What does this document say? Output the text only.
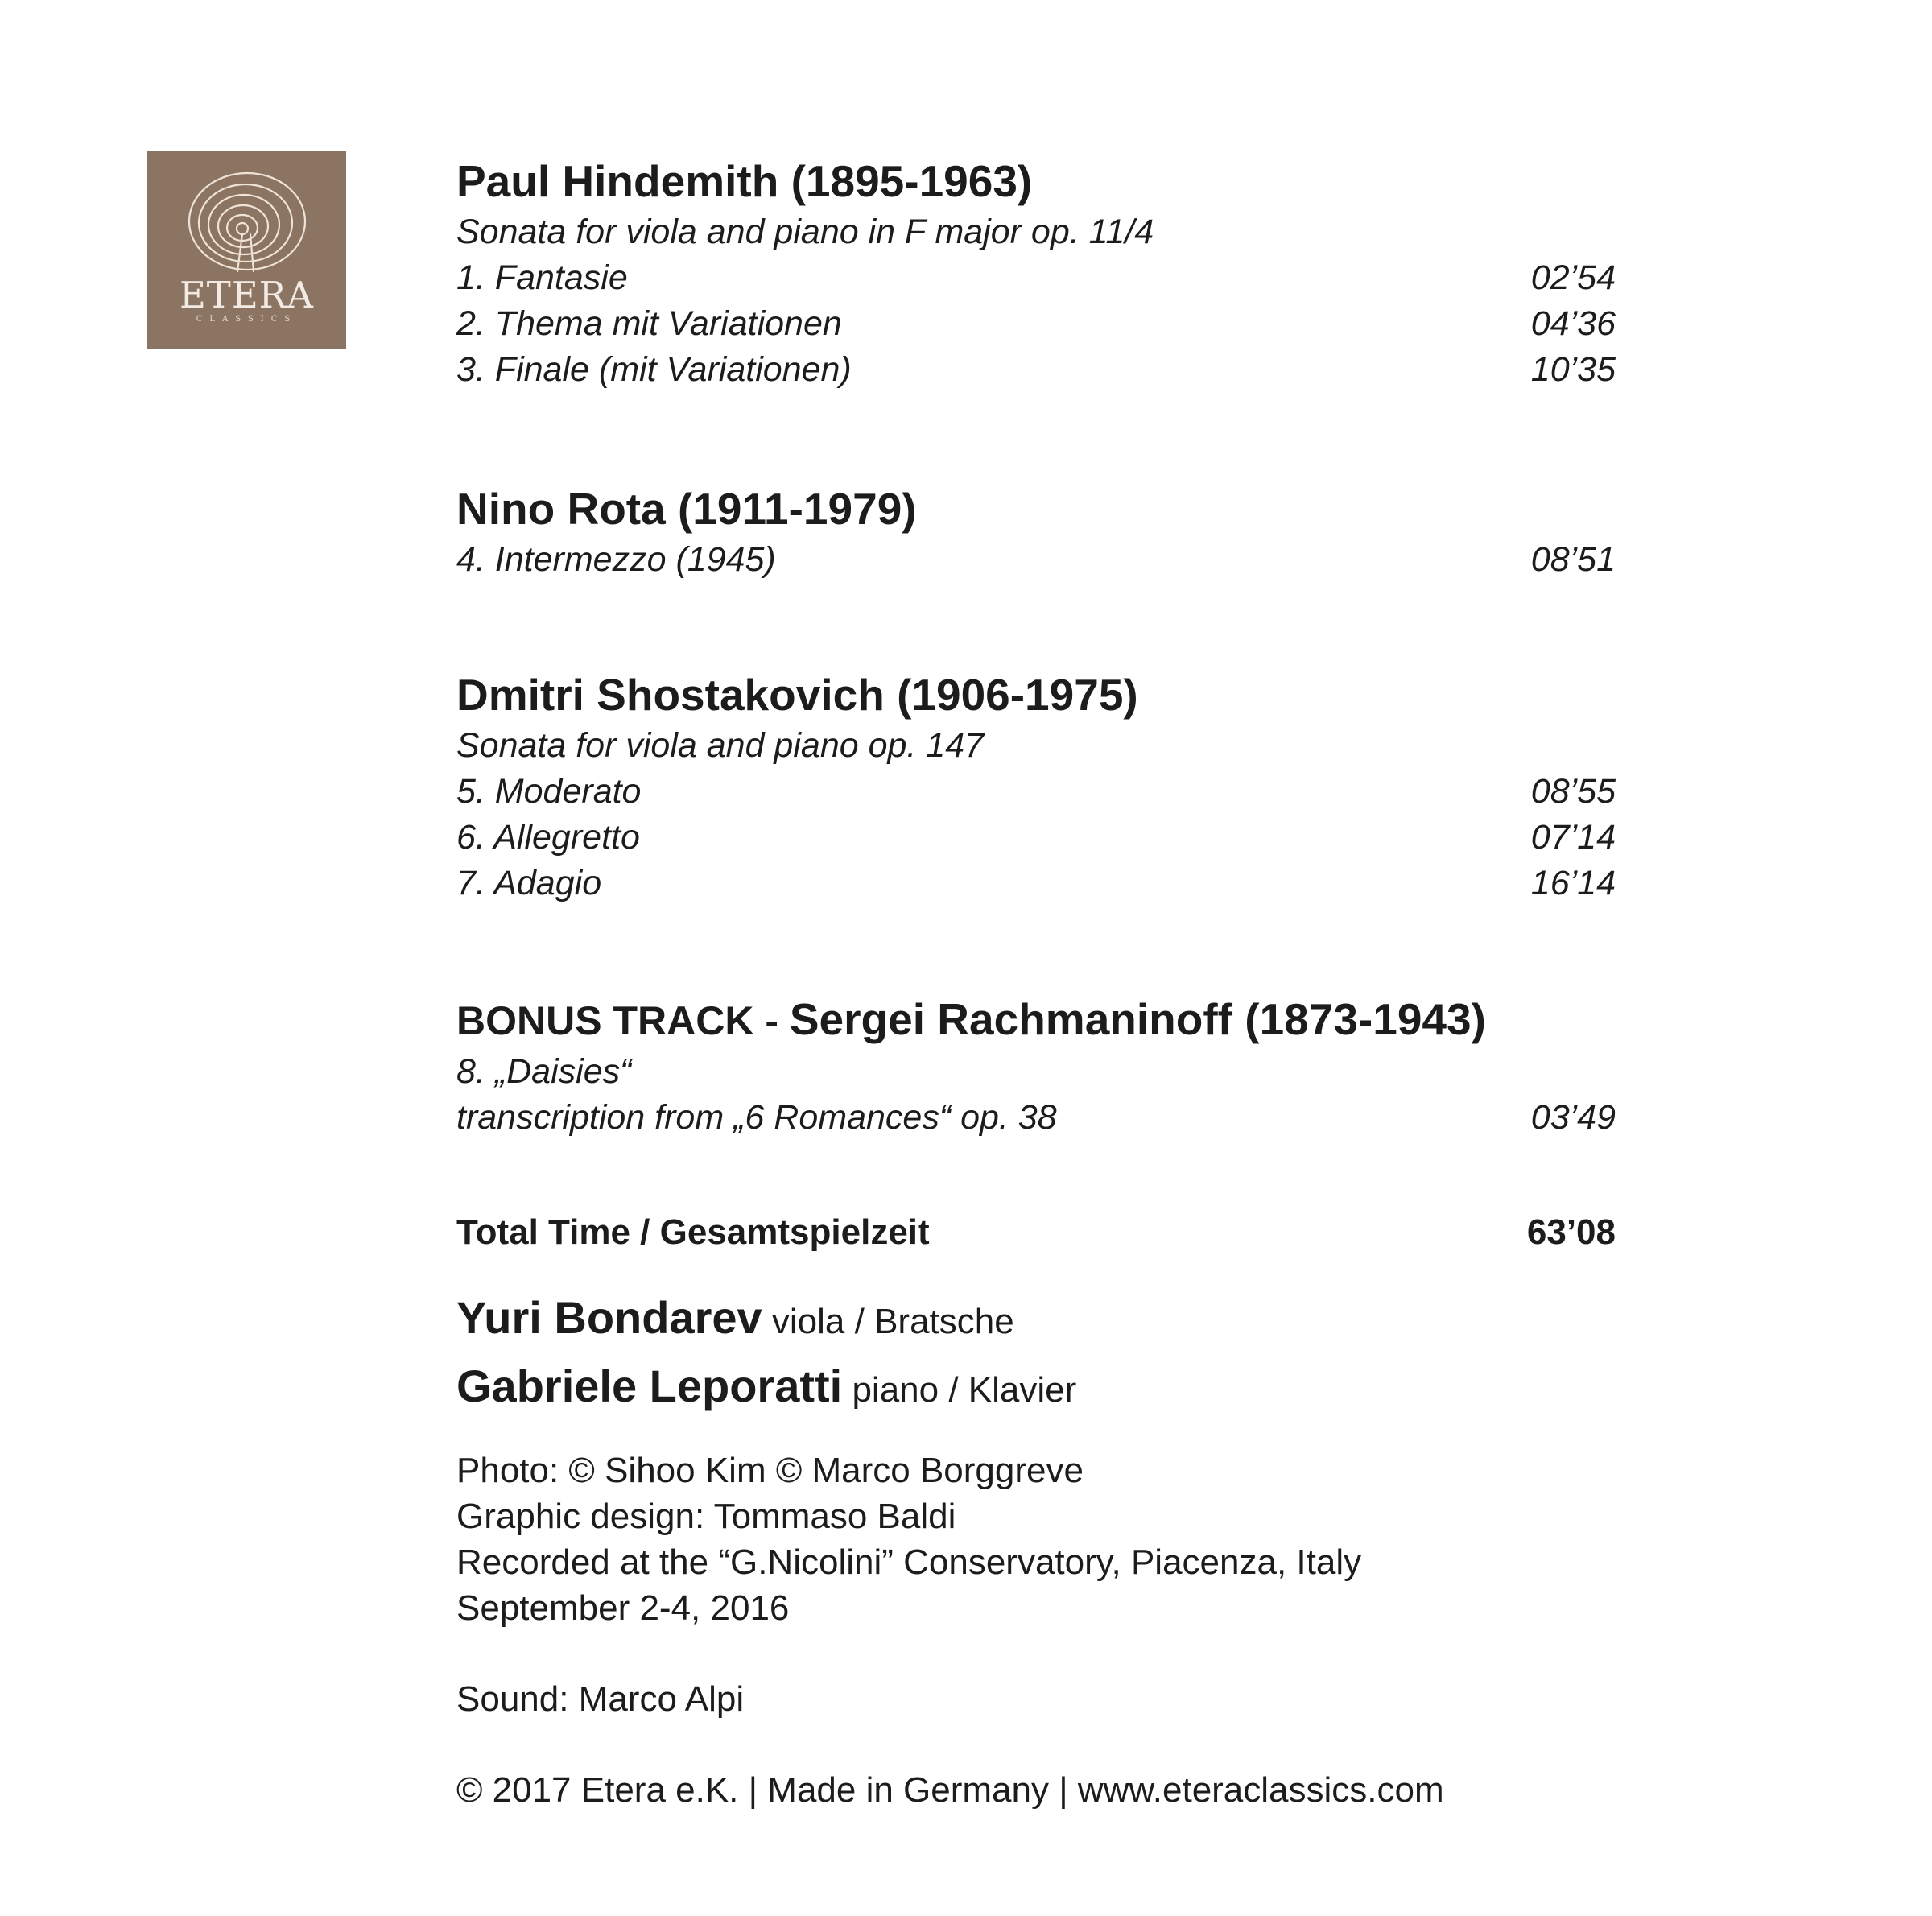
ETERA
CLASSICS
Paul Hindemith (1895-1963)
Sonata for viola and piano in F major op. 11/4
1. Fantasie	02’54
2. Thema mit Variationen	04’36
3. Finale (mit Variationen)	10’35
Nino Rota (1911-1979)
4. Intermezzo (1945)	08’51
Dmitri Shostakovich (1906-1975)
Sonata for viola and piano op. 147
5. Moderato	08’55
6. Allegretto	07’14
7. Adagio	16’14
BONUS TRACK - Sergei Rachmaninoff (1873-1943)
8. „Daisies“
transcription from „6 Romances“ op. 38	03’49
Total Time / Gesamtspielzeit	63’08
Yuri Bondarev viola / Bratsche
Gabriele Leporatti piano / Klavier
Photo: © Sihoo Kim © Marco Borggreve
Graphic design: Tommaso Baldi
Recorded at the “G.Nicolini” Conservatory, Piacenza, Italy
September 2-4, 2016
Sound: Marco Alpi
© 2017 Etera e.K. | Made in Germany | www.eteraclassics.com
